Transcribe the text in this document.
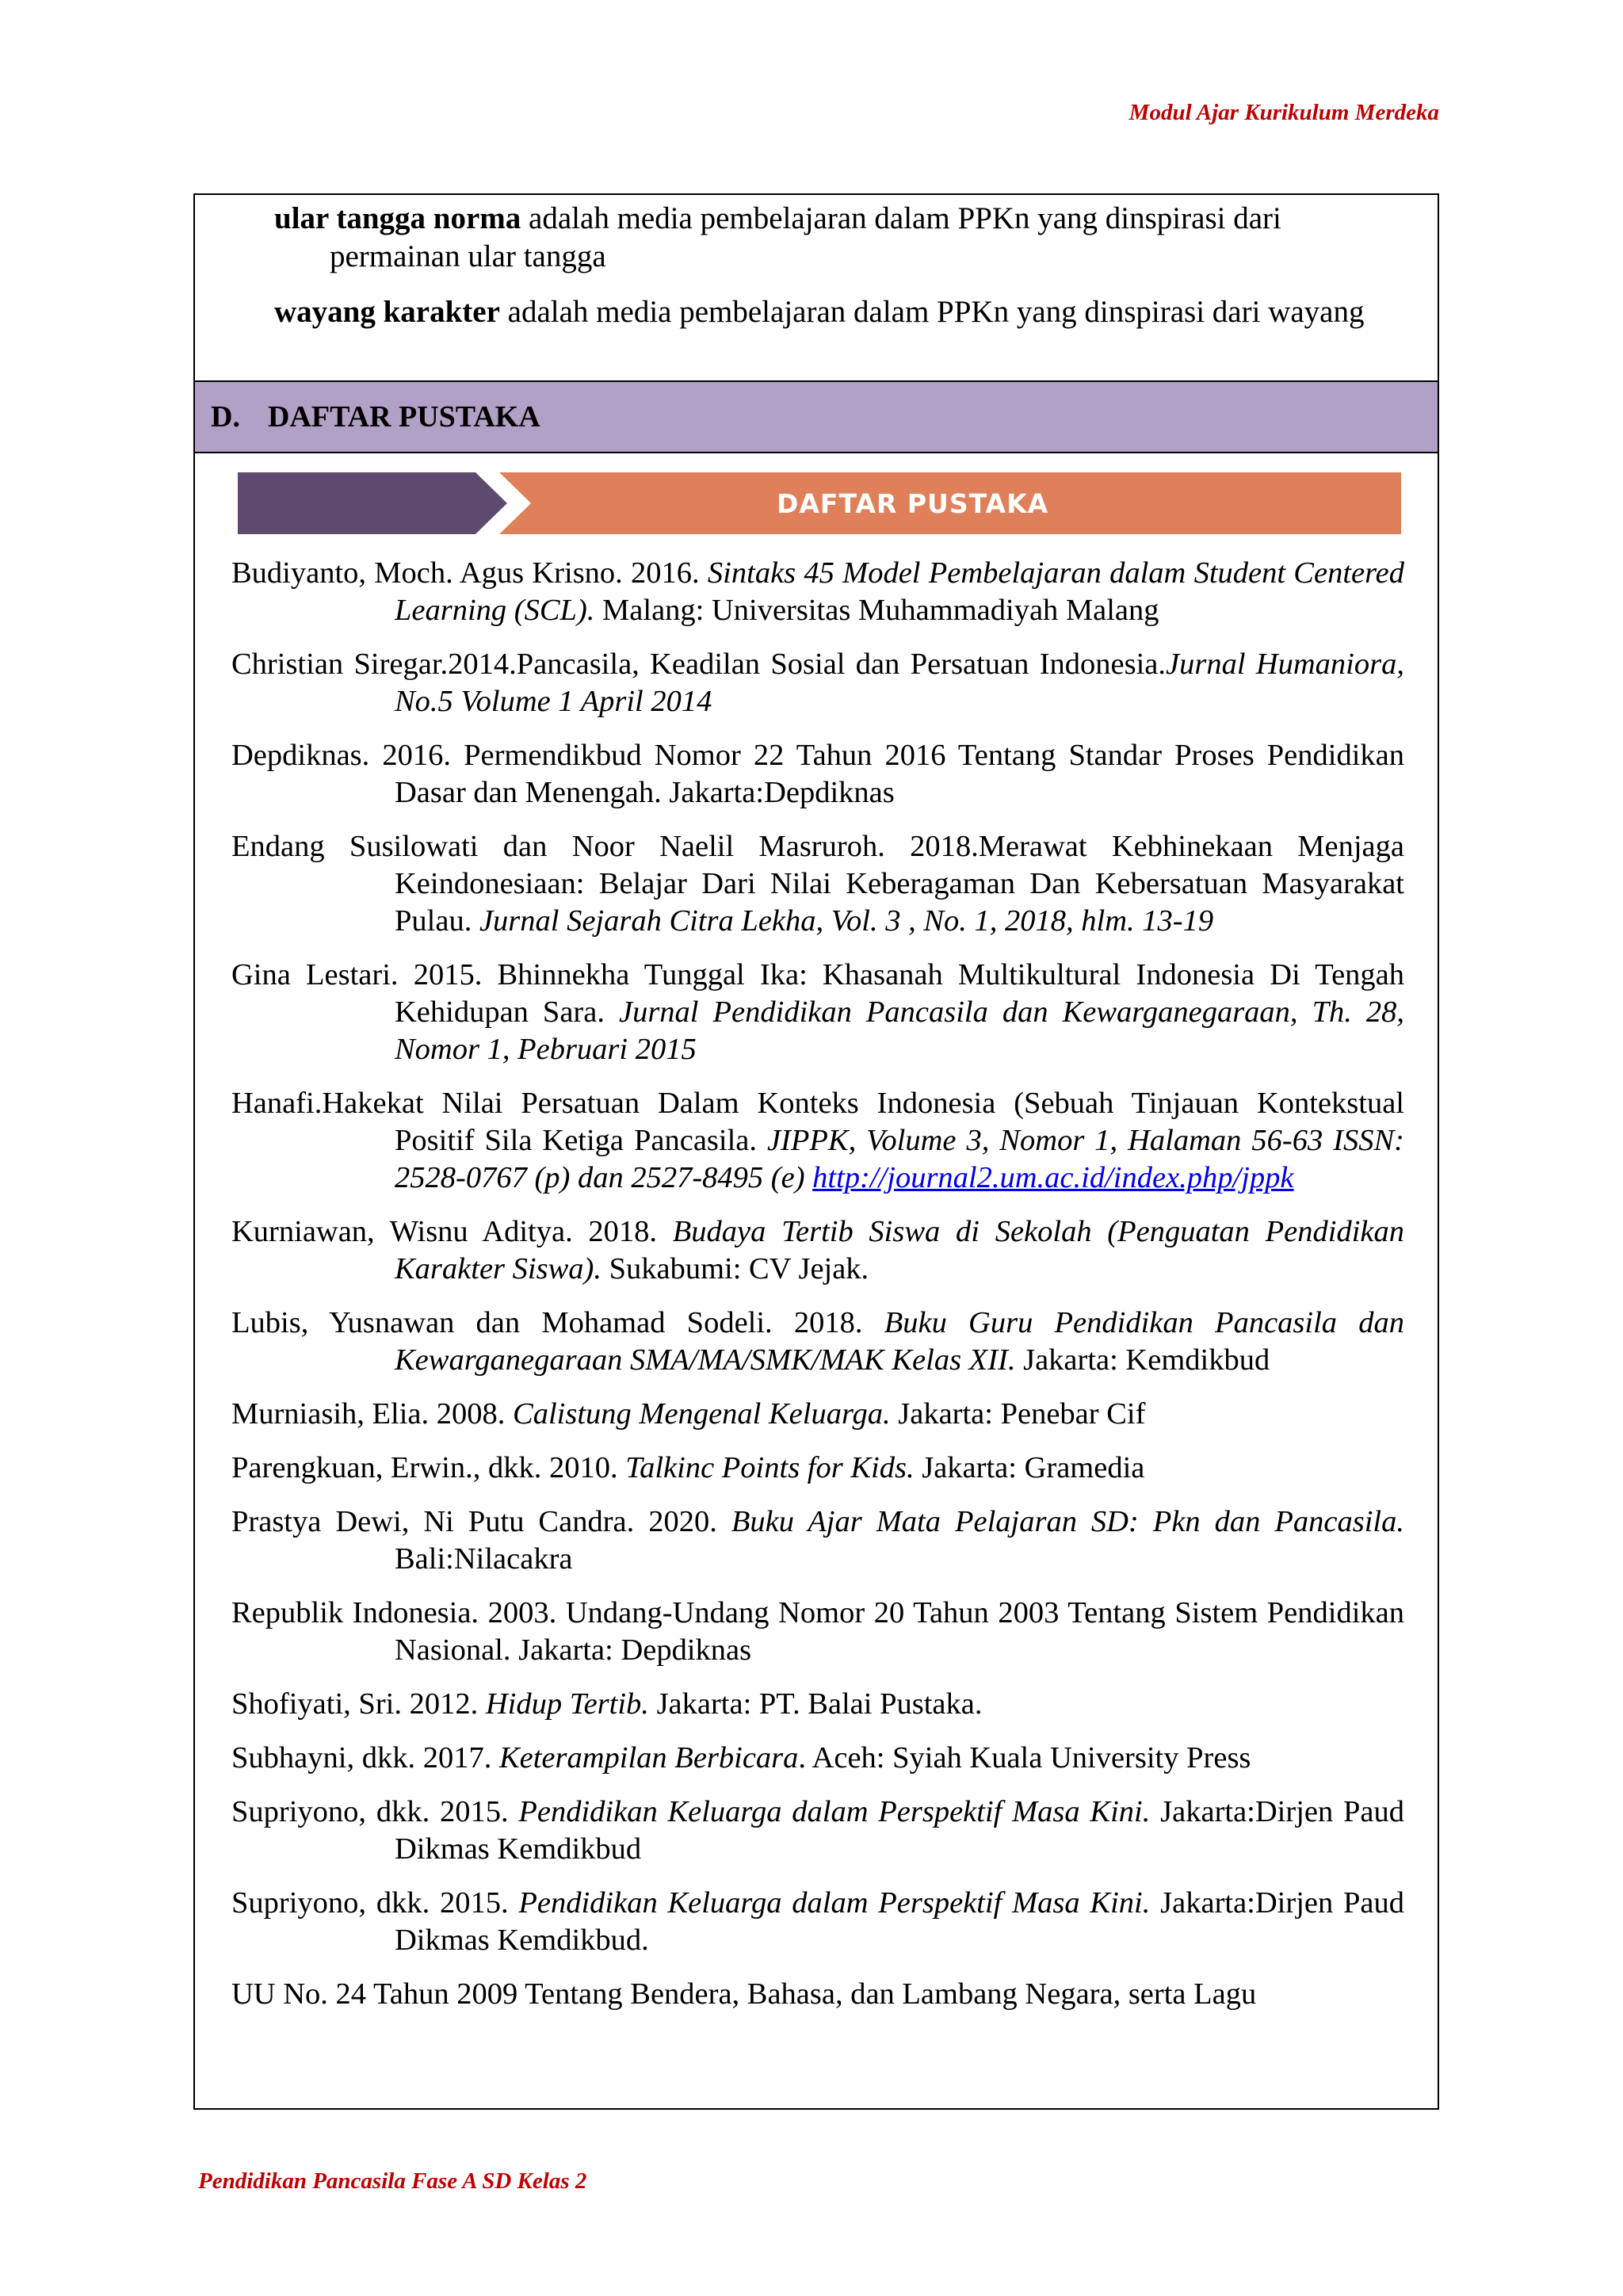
Modul Ajar Kurikulum Merdeka
ular tangga norma adalah media pembelajaran dalam PPKn yang dinspirasi dari permainan ular tangga
wayang karakter adalah media pembelajaran dalam PPKn yang dinspirasi dari wayang
D. DAFTAR PUSTAKA
DAFTAR PUSTAKA
Budiyanto, Moch. Agus Krisno. 2016. Sintaks 45 Model Pembelajaran dalam Student Centered Learning (SCL). Malang: Universitas Muhammadiyah Malang
Christian Siregar.2014.Pancasila, Keadilan Sosial dan Persatuan Indonesia.Jurnal Humaniora, No.5 Volume 1 April 2014
Depdiknas. 2016. Permendikbud Nomor 22 Tahun 2016 Tentang Standar Proses Pendidikan Dasar dan Menengah. Jakarta:Depdiknas
Endang Susilowati dan Noor Naelil Masruroh. 2018.Merawat Kebhinekaan Menjaga Keindonesiaan: Belajar Dari Nilai Keberagaman Dan Kebersatuan Masyarakat Pulau. Jurnal Sejarah Citra Lekha, Vol. 3 , No. 1, 2018, hlm. 13-19
Gina Lestari. 2015. Bhinnekha Tunggal Ika: Khasanah Multikultural Indonesia Di Tengah Kehidupan Sara. Jurnal Pendidikan Pancasila dan Kewarganegaraan, Th. 28, Nomor 1, Pebruari 2015
Hanafi.Hakekat Nilai Persatuan Dalam Konteks Indonesia (Sebuah Tinjauan Kontekstual Positif Sila Ketiga Pancasila. JIPPK, Volume 3, Nomor 1, Halaman 56-63 ISSN: 2528-0767 (p) dan 2527-8495 (e) http://journal2.um.ac.id/index.php/jppk
Kurniawan, Wisnu Aditya. 2018. Budaya Tertib Siswa di Sekolah (Penguatan Pendidikan Karakter Siswa). Sukabumi: CV Jejak.
Lubis, Yusnawan dan Mohamad Sodeli. 2018. Buku Guru Pendidikan Pancasila dan Kewarganegaraan SMA/MA/SMK/MAK Kelas XII. Jakarta: Kemdikbud
Murniasih, Elia. 2008. Calistung Mengenal Keluarga. Jakarta: Penebar Cif
Parengkuan, Erwin., dkk. 2010. Talkinc Points for Kids. Jakarta: Gramedia
Prastya Dewi, Ni Putu Candra. 2020. Buku Ajar Mata Pelajaran SD: Pkn dan Pancasila. Bali:Nilacakra
Republik Indonesia. 2003. Undang-Undang Nomor 20 Tahun 2003 Tentang Sistem Pendidikan Nasional. Jakarta: Depdiknas
Shofiyati, Sri. 2012. Hidup Tertib. Jakarta: PT. Balai Pustaka.
Subhayni, dkk. 2017. Keterampilan Berbicara. Aceh: Syiah Kuala University Press
Supriyono, dkk. 2015. Pendidikan Keluarga dalam Perspektif Masa Kini. Jakarta:Dirjen Paud Dikmas Kemdikbud
Supriyono, dkk. 2015. Pendidikan Keluarga dalam Perspektif Masa Kini. Jakarta:Dirjen Paud Dikmas Kemdikbud.
UU No. 24 Tahun 2009 Tentang Bendera, Bahasa, dan Lambang Negara, serta Lagu
Pendidikan Pancasila Fase A SD Kelas 2
